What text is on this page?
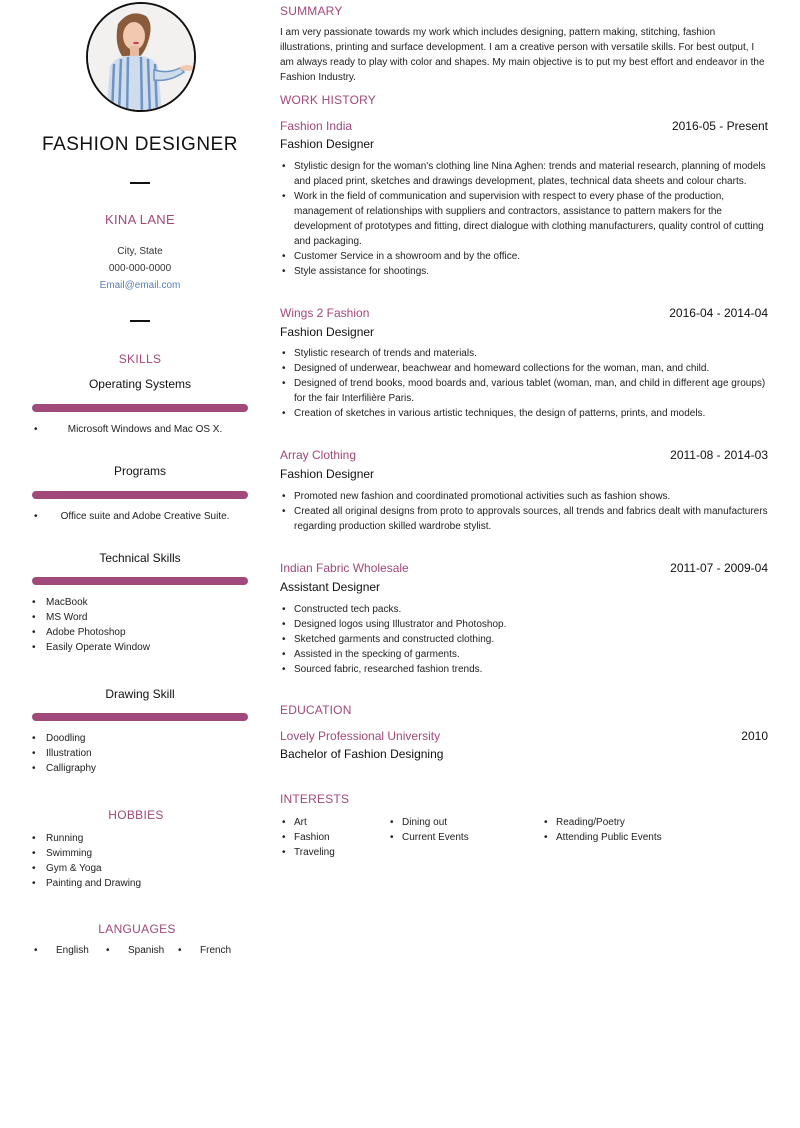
FASHION DESIGNER
KINA LANE
City, State
000-000-0000
Email@email.com
SKILLS
Operating Systems
• Microsoft Windows and Mac OS X.
Programs
• Office suite and Adobe Creative Suite.
Technical Skills
• MacBook
• MS Word
• Adobe Photoshop
• Easily Operate Window
Drawing Skill
• Doodling
• Illustration
• Calligraphy
HOBBIES
• Running
• Swimming
• Gym & Yoga
• Painting and Drawing
LANGUAGES
• English	• Spanish	• French
SUMMARY
I am very passionate towards my work which includes designing, pattern making, stitching, fashion illustrations, printing and surface development. I am a creative person with versatile skills. For best output, I am always ready to play with color and shapes. My main objective is to put my best effort and endeavor in the Fashion Industry.
WORK HISTORY
Fashion India	2016-05 - Present
Fashion Designer
• Stylistic design for the woman's clothing line Nina Aghen: trends and material research, planning of models and placed print, sketches and drawings development, plates, technical data sheets and colour charts.
• Work in the field of communication and supervision with respect to every phase of the production, management of relationships with suppliers and contractors, assistance to pattern makers for the development of prototypes and fitting, direct dialogue with clothing manufacturers, quality control of cutting and packaging.
• Customer Service in a showroom and by the office.
• Style assistance for shootings.
Wings 2 Fashion	2016-04 - 2014-04
Fashion Designer
• Stylistic research of trends and materials.
• Designed of underwear, beachwear and homeward collections for the woman, man, and child.
• Designed of trend books, mood boards and, various tablet (woman, man, and child in different age groups) for the fair Interfilière Paris.
• Creation of sketches in various artistic techniques, the design of patterns, prints, and models.
Array Clothing	2011-08 - 2014-03
Fashion Designer
• Promoted new fashion and coordinated promotional activities such as fashion shows.
• Created all original designs from proto to approvals sources, all trends and fabrics dealt with manufacturers regarding production skilled wardrobe stylist.
Indian Fabric Wholesale	2011-07 - 2009-04
Assistant Designer
• Constructed tech packs.
• Designed logos using Illustrator and Photoshop.
• Sketched garments and constructed clothing.
• Assisted in the specking of garments.
• Sourced fabric, researched fashion trends.
EDUCATION
Lovely Professional University	2010
Bachelor of Fashion Designing
INTERESTS
• Art
• Fashion
• Traveling
• Dining out
• Current Events
• Reading/Poetry
• Attending Public Events
